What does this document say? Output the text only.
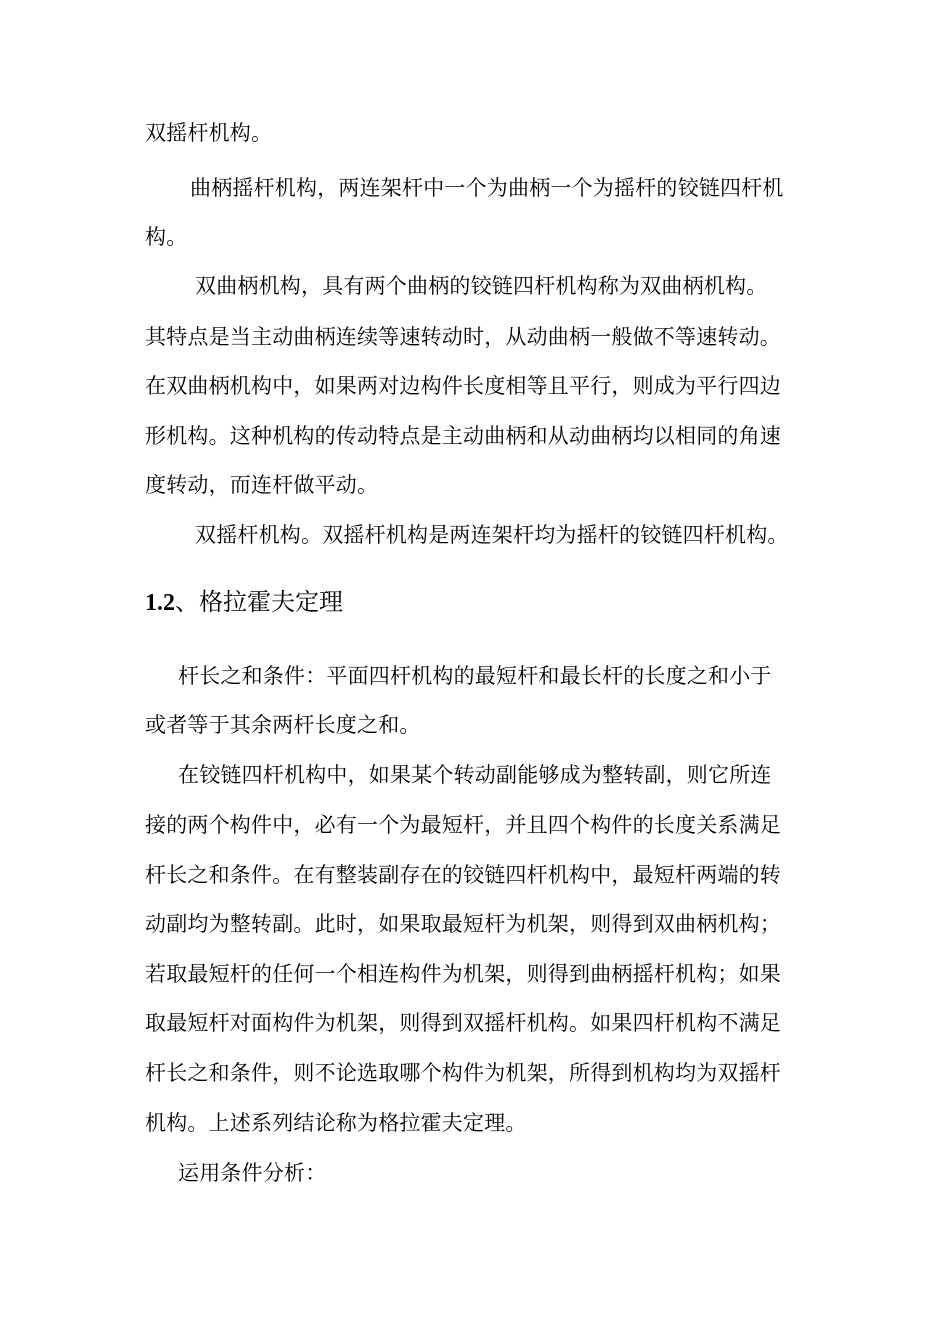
双摇杆机构。
曲柄摇杆机构，两连架杆中一个为曲柄一个为摇杆的铰链四杆机
构。
双曲柄机构，具有两个曲柄的铰链四杆机构称为双曲柄机构。
其特点是当主动曲柄连续等速转动时，从动曲柄一般做不等速转动。
在双曲柄机构中，如果两对边构件长度相等且平行，则成为平行四边
形机构。这种机构的传动特点是主动曲柄和从动曲柄均以相同的角速
度转动，而连杆做平动。
双摇杆机构。双摇杆机构是两连架杆均为摇杆的铰链四杆机构。
1.2、格拉霍夫定理
杆长之和条件：平面四杆机构的最短杆和最长杆的长度之和小于
或者等于其余两杆长度之和。
在铰链四杆机构中，如果某个转动副能够成为整转副，则它所连
接的两个构件中，必有一个为最短杆，并且四个构件的长度关系满足
杆长之和条件。在有整装副存在的铰链四杆机构中，最短杆两端的转
动副均为整转副。此时，如果取最短杆为机架，则得到双曲柄机构；
若取最短杆的任何一个相连构件为机架，则得到曲柄摇杆机构；如果
取最短杆对面构件为机架，则得到双摇杆机构。如果四杆机构不满足
杆长之和条件，则不论选取哪个构件为机架，所得到机构均为双摇杆
机构。上述系列结论称为格拉霍夫定理。
运用条件分析：
